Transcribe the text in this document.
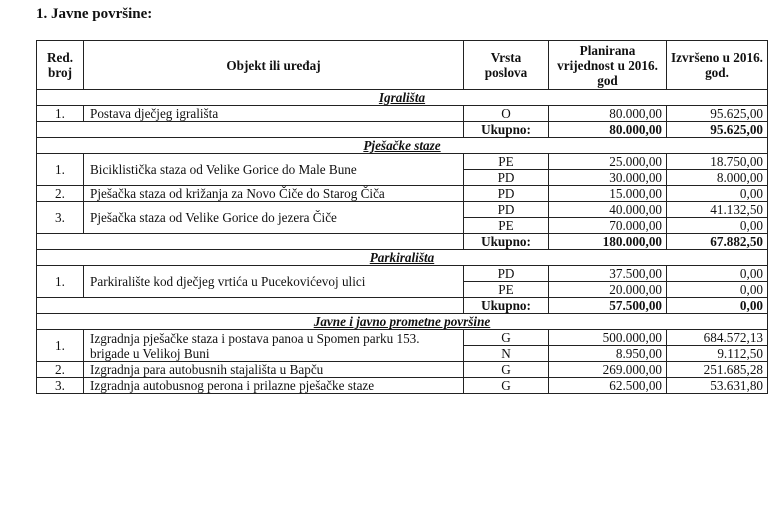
1. Javne površine:
Red. broj	Objekt ili uređaj	Vrsta poslova	Planirana vrijednost u 2016. god	Izvršeno u 2016. god.
Igrališta				
1.	Postava dječjeg igrališta	O	80.000,00	95.625,00
		Ukupno:	80.000,00	95.625,00
Pješačke staze				
1.	Biciklistička staza od Velike Gorice do Male Bune	PE	25.000,00	18.750,00
		PD	30.000,00	8.000,00
2.	Pješačka staza od križanja za Novo Čiče do Starog Čiča	PD	15.000,00	0,00
3.	Pješačka staza od Velike Gorice do jezera Čiče	PD	40.000,00	41.132,50
		PE	70.000,00	0,00
		Ukupno:	180.000,00	67.882,50
Parkirališta				
1.	Parkiralište kod dječjeg vrtića u Pucekovićevoj ulici	PD	37.500,00	0,00
		PE	20.000,00	0,00
		Ukupno:	57.500,00	0,00
Javne i javno prometne površine				
1.	Izgradnja pješačke staza i postava panoa u Spomen parku 153. brigade u Velikoj Buni	G	500.000,00	684.572,13
		N	8.950,00	9.112,50
2.	Izgradnja para autobusnih stajališta u Bapču	G	269.000,00	251.685,28
3.	Izgradnja autobusnog perona i prilazne pješačke staze	G	62.500,00	53.631,80
